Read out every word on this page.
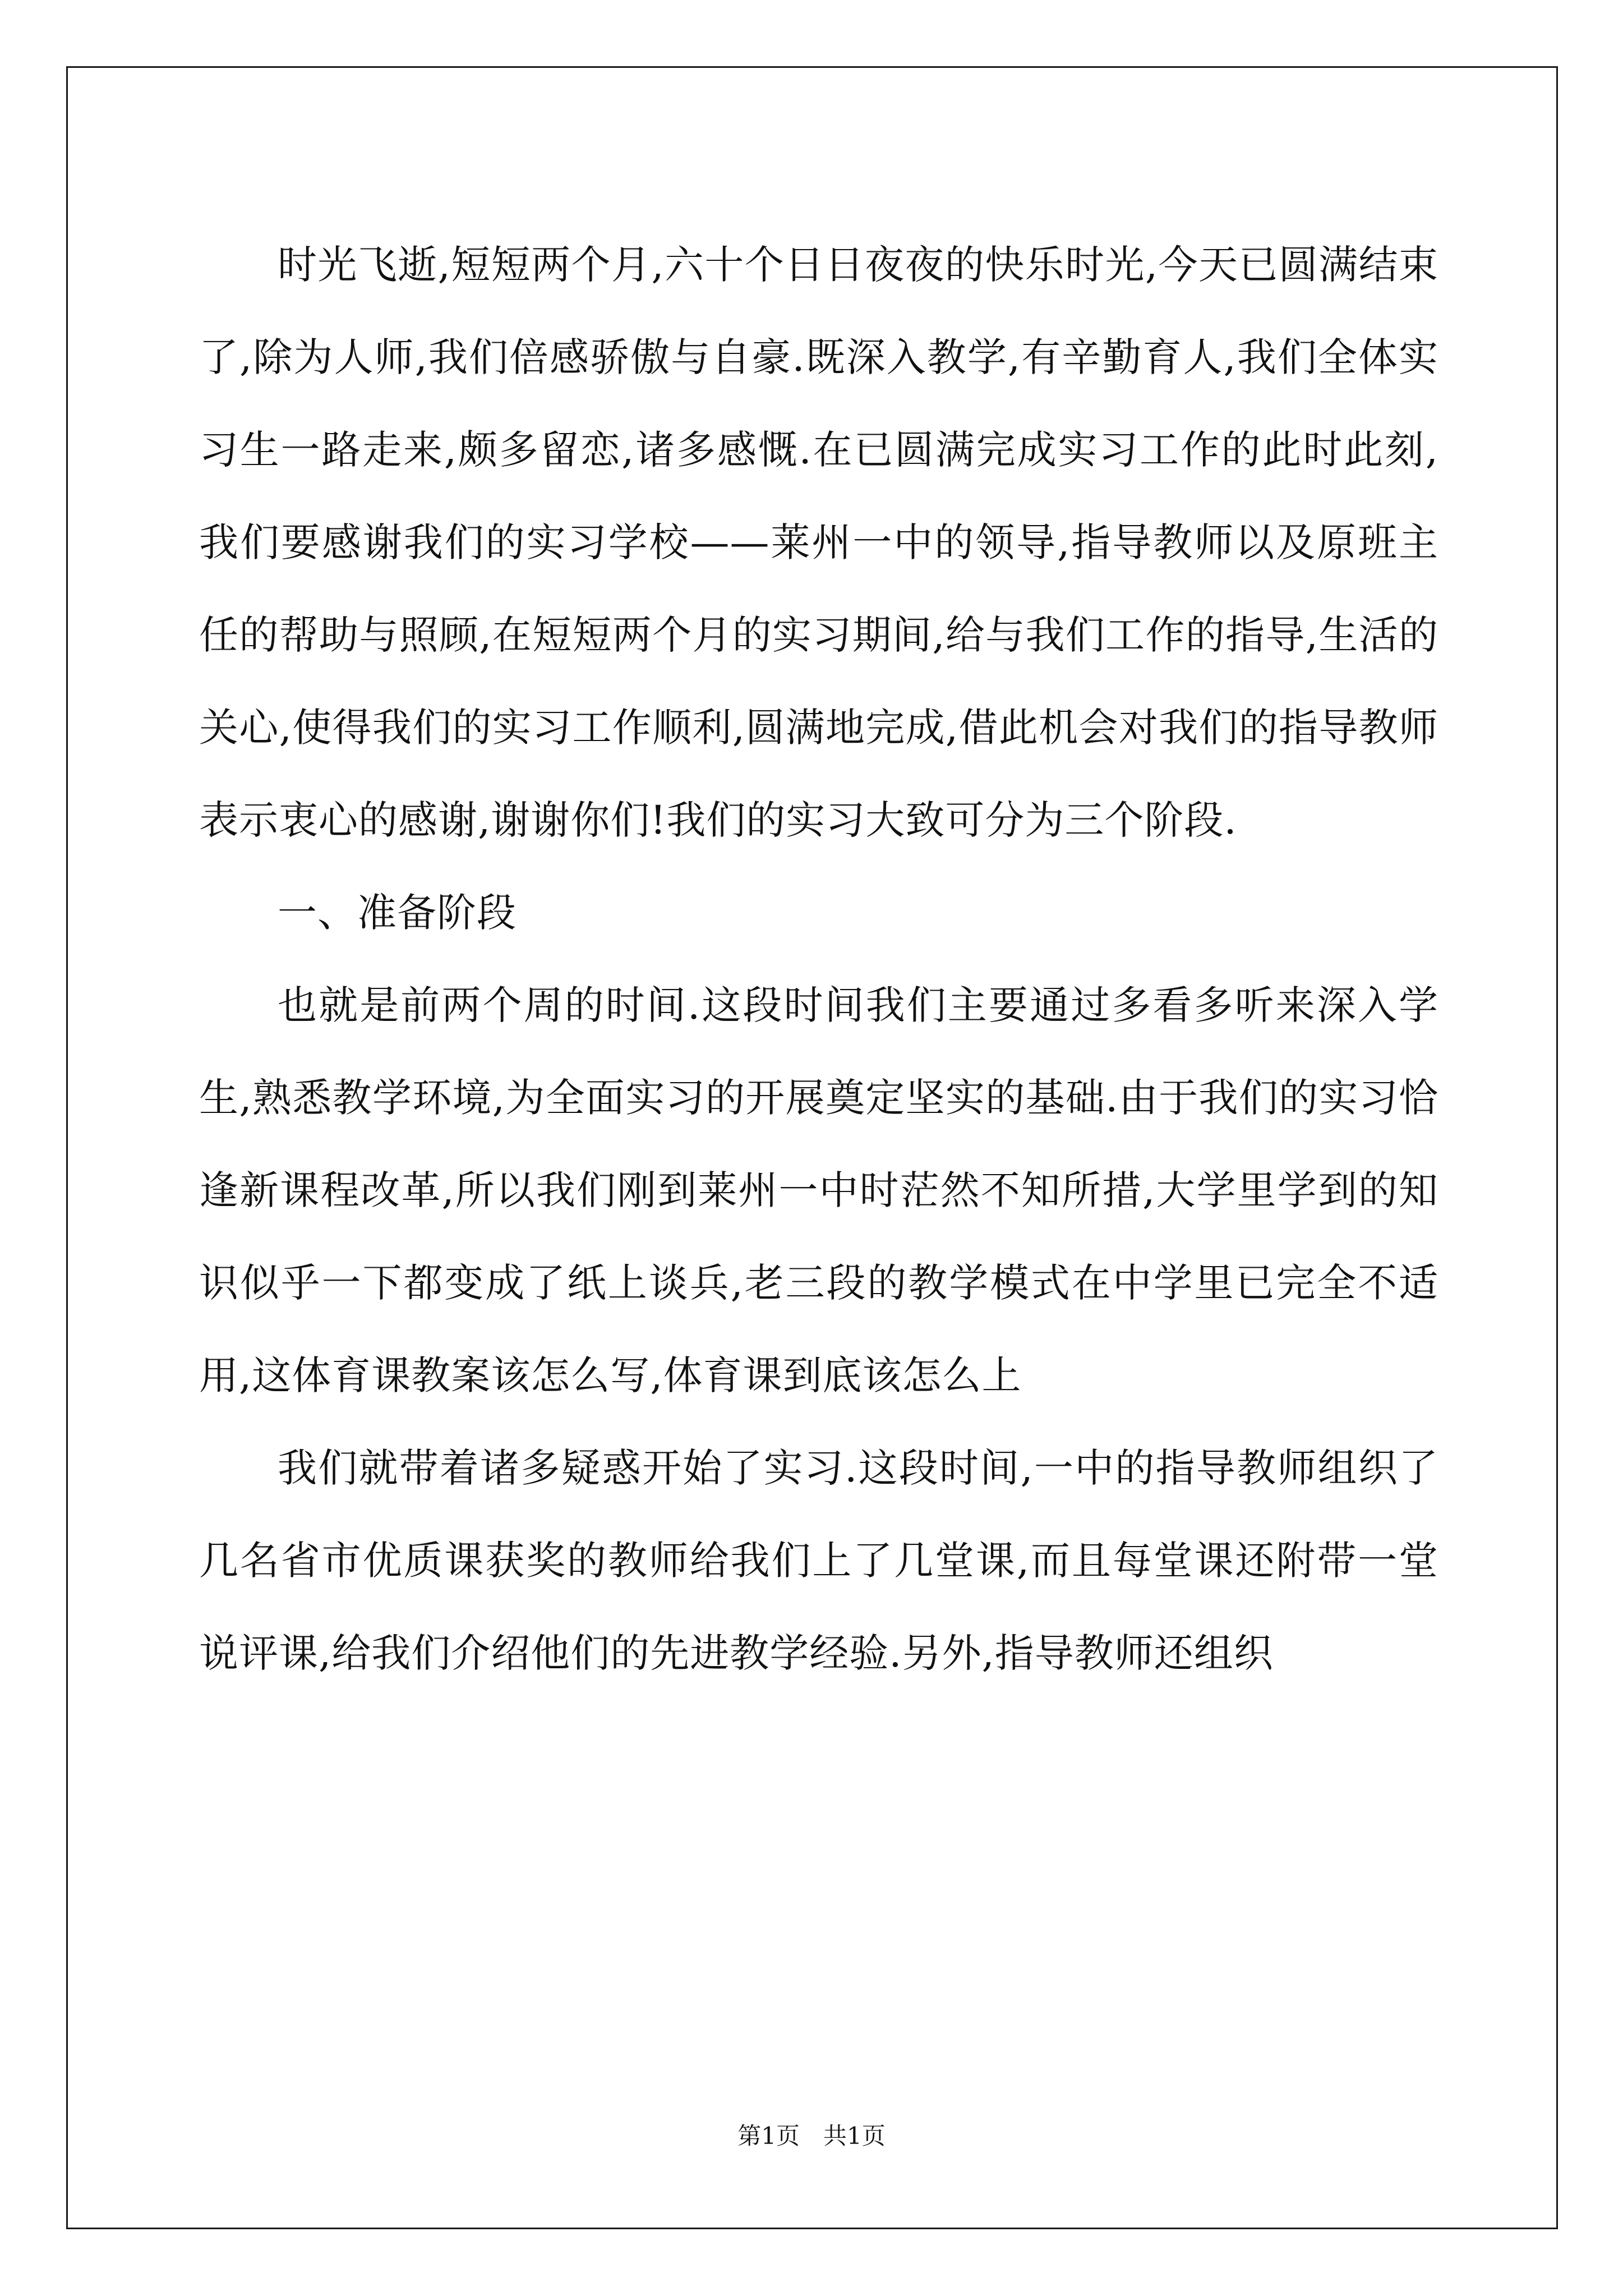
时光飞逝,短短两个月,六十个日日夜夜的快乐时光,今天已圆满结束了,除为人师,我们倍感骄傲与自豪.既深入教学,有辛勤育人,我们全体实习生一路走来,颇多留恋,诸多感慨.在已圆满完成实习工作的此时此刻,我们要感谢我们的实习学校——莱州一中的领导,指导教师以及原班主任的帮助与照顾,在短短两个月的实习期间,给与我们工作的指导,生活的关心,使得我们的实习工作顺利,圆满地完成,借此机会对我们的指导教师表示衷心的感谢,谢谢你们!我们的实习大致可分为三个阶段.

一、准备阶段

也就是前两个周的时间.这段时间我们主要通过多看多听来深入学生,熟悉教学环境,为全面实习的开展奠定坚实的基础.由于我们的实习恰逢新课程改革,所以我们刚到莱州一中时茫然不知所措,大学里学到的知识似乎一下都变成了纸上谈兵,老三段的教学模式在中学里已完全不适用,这体育课教案该怎么写,体育课到底该怎么上

我们就带着诸多疑惑开始了实习.这段时间,一中的指导教师组织了几名省市优质课获奖的教师给我们上了几堂课,而且每堂课还附带一堂说评课,给我们介绍他们的先进教学经验.另外,指导教师还组织

第1页　共1页
